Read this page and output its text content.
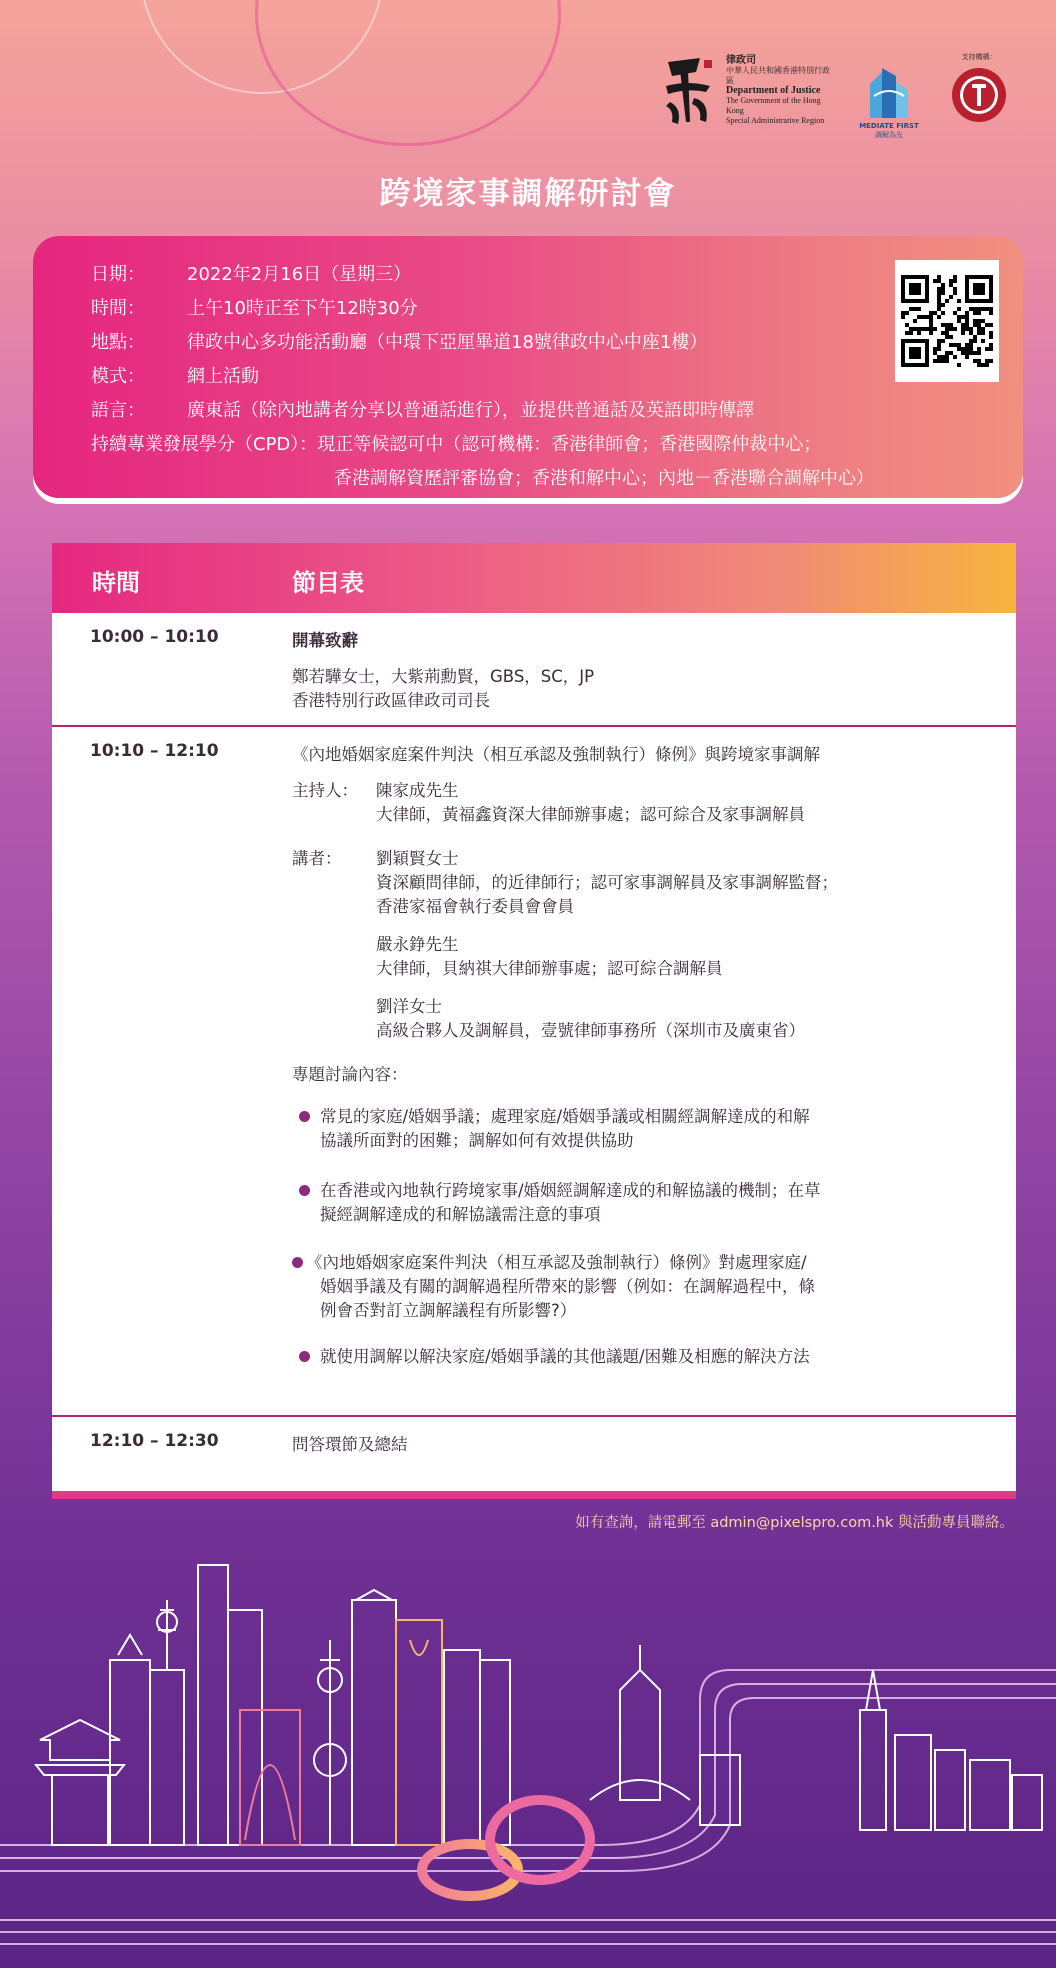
律政司
中華人民共和國香港特別行政區
Department of Justice
The Government of the Hong Kong
Special Administrative Region
MEDIATE FIRST
調解為先
支持機構：
跨境家事調解研討會
日期： 2022年2月16日（星期三）
時間： 上午10時正至下午12時30分
地點： 律政中心多功能活動廳（中環下亞厘畢道18號律政中心中座1樓）
模式： 網上活動
語言： 廣東話（除內地講者分享以普通話進行），並提供普通話及英語即時傳譯
持續專業發展學分（CPD）：現正等候認可中（認可機構：香港律師會；香港國際仲裁中心；
香港調解資歷評審協會；香港和解中心；內地－香港聯合調解中心）
時間	節目表
10:00 – 10:10	開幕致辭
鄭若驊女士，大紫荊勳賢，GBS，SC，JP
香港特別行政區律政司司長
10:10 – 12:10	《內地婚姻家庭案件判決（相互承認及強制執行）條例》與跨境家事調解
主持人： 陳家成先生
大律師，黃福鑫資深大律師辦事處；認可綜合及家事調解員
講者： 劉穎賢女士
資深顧問律師，的近律師行；認可家事調解員及家事調解監督；
香港家福會執行委員會會員
嚴永錚先生
大律師，貝納祺大律師辦事處；認可綜合調解員
劉洋女士
高級合夥人及調解員，壹號律師事務所（深圳市及廣東省）
專題討論內容：
常見的家庭/婚姻爭議；處理家庭/婚姻爭議或相關經調解達成的和解
協議所面對的困難；調解如何有效提供協助
在香港或內地執行跨境家事/婚姻經調解達成的和解協議的機制；在草
擬經調解達成的和解協議需注意的事項
《內地婚姻家庭案件判決（相互承認及強制執行）條例》對處理家庭/
婚姻爭議及有關的調解過程所帶來的影響（例如：在調解過程中，條
例會否對訂立調解議程有所影響?）
就使用調解以解決家庭/婚姻爭議的其他議題/困難及相應的解決方法
12:10 – 12:30	問答環節及總結
如有查詢，請電郵至 admin@pixelspro.com.hk 與活動專員聯絡。
